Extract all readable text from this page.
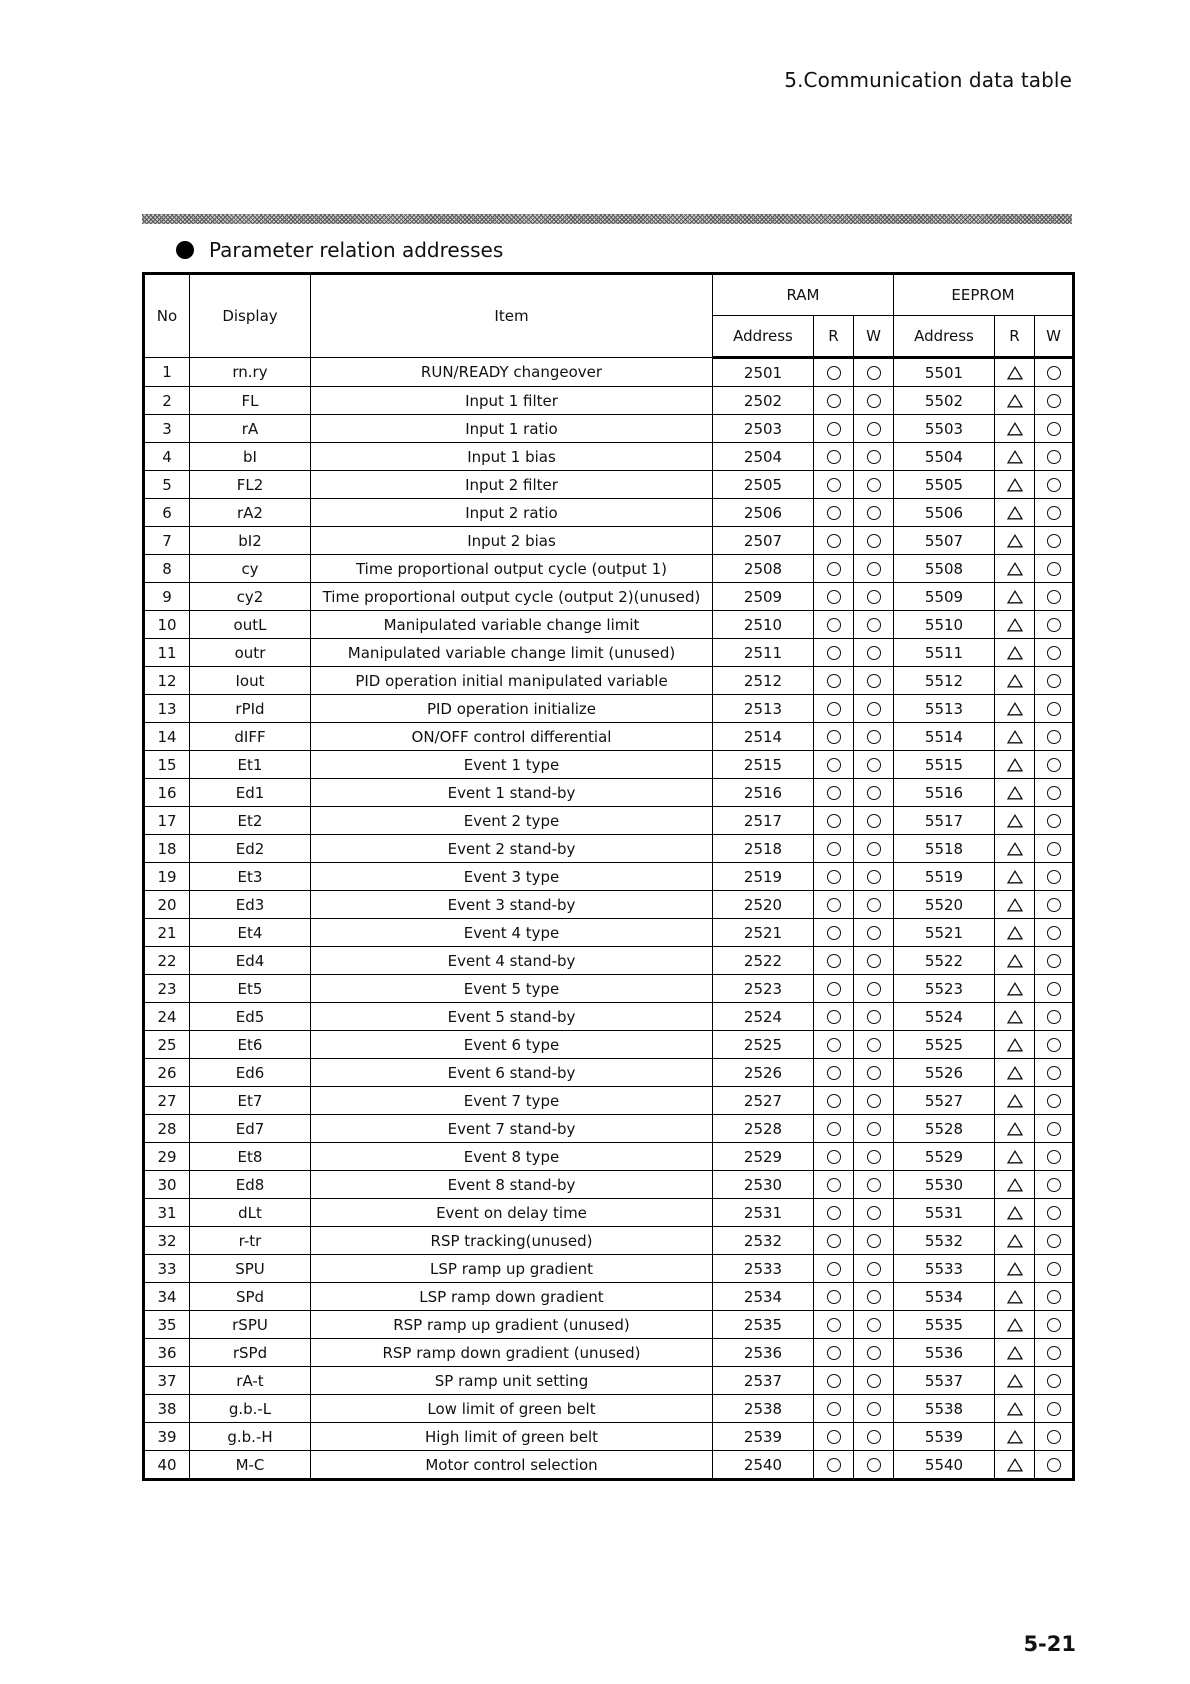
5.Communication data table
Parameter relation addresses
No	Display	Item	RAM			EEPROM		
			Address	R	W	Address	R	W
1	rn.ry	RUN/READY changeover	2501			5501		
2	FL	Input 1 filter	2502			5502		
3	rA	Input 1 ratio	2503			5503		
4	bI	Input 1 bias	2504			5504		
5	FL2	Input 2 filter	2505			5505		
6	rA2	Input 2 ratio	2506			5506		
7	bI2	Input 2 bias	2507			5507		
8	cy	Time proportional output cycle (output 1)	2508			5508		
9	cy2	Time proportional output cycle (output 2)(unused)	2509			5509		
10	outL	Manipulated variable change limit	2510			5510		
11	outr	Manipulated variable change limit (unused)	2511			5511		
12	Iout	PID operation initial manipulated variable	2512			5512		
13	rPId	PID operation initialize	2513			5513		
14	dIFF	ON/OFF control differential	2514			5514		
15	Et1	Event 1 type	2515			5515		
16	Ed1	Event 1 stand-by	2516			5516		
17	Et2	Event 2 type	2517			5517		
18	Ed2	Event 2 stand-by	2518			5518		
19	Et3	Event 3 type	2519			5519		
20	Ed3	Event 3 stand-by	2520			5520		
21	Et4	Event 4 type	2521			5521		
22	Ed4	Event 4 stand-by	2522			5522		
23	Et5	Event 5 type	2523			5523		
24	Ed5	Event 5 stand-by	2524			5524		
25	Et6	Event 6 type	2525			5525		
26	Ed6	Event 6 stand-by	2526			5526		
27	Et7	Event 7 type	2527			5527		
28	Ed7	Event 7 stand-by	2528			5528		
29	Et8	Event 8 type	2529			5529		
30	Ed8	Event 8 stand-by	2530			5530		
31	dLt	Event on delay time	2531			5531		
32	r-tr	RSP tracking(unused)	2532			5532		
33	SPU	LSP ramp up gradient	2533			5533		
34	SPd	LSP ramp down gradient	2534			5534		
35	rSPU	RSP ramp up gradient (unused)	2535			5535		
36	rSPd	RSP ramp down gradient (unused)	2536			5536		
37	rA-t	SP ramp unit setting	2537			5537		
38	g.b.-L	Low limit of green belt	2538			5538		
39	g.b.-H	High limit of green belt	2539			5539		
40	M-C	Motor control selection	2540			5540		
5-21
